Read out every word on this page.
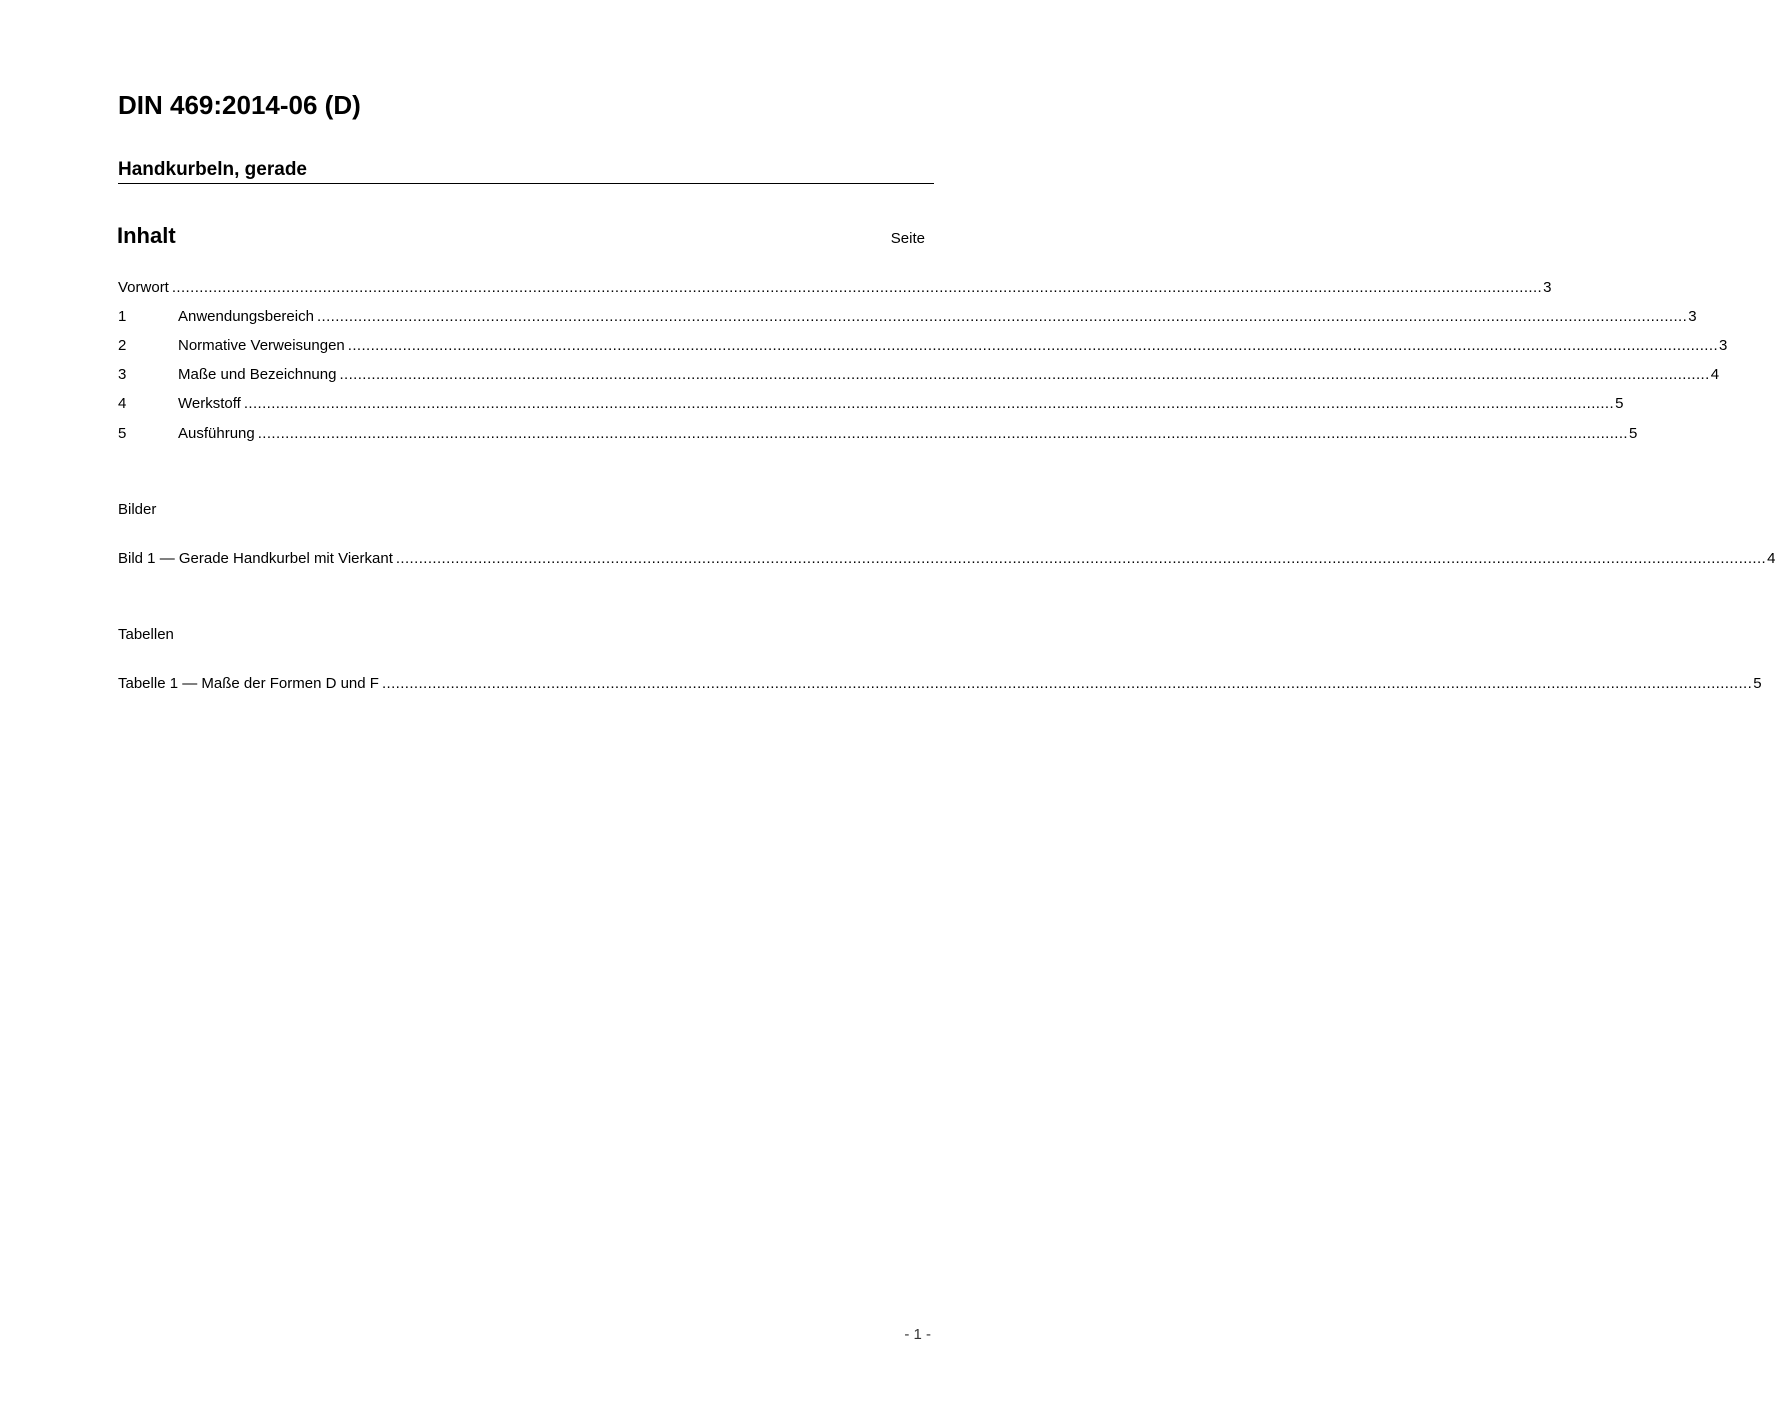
DIN 469:2014-06 (D)
Handkurbeln, gerade
Inhalt	Seite
Vorwort ............................................................................................................................................................................................................................................................................................................ 3
1	Anwendungsbereich ............................................................................................................................................................................................................................................................................................................ 3
2	Normative Verweisungen ............................................................................................................................................................................................................................................................................................................ 3
3	Maße und Bezeichnung ............................................................................................................................................................................................................................................................................................................ 4
4	Werkstoff ............................................................................................................................................................................................................................................................................................................ 5
5	Ausführung ............................................................................................................................................................................................................................................................................................................ 5
Bilder
Bild 1 — Gerade Handkurbel mit Vierkant ............................................................................................................................................................................................................................................................................................................ 4
Tabellen
Tabelle 1 — Maße der Formen D und F ............................................................................................................................................................................................................................................................................................................ 5
- 1 -
